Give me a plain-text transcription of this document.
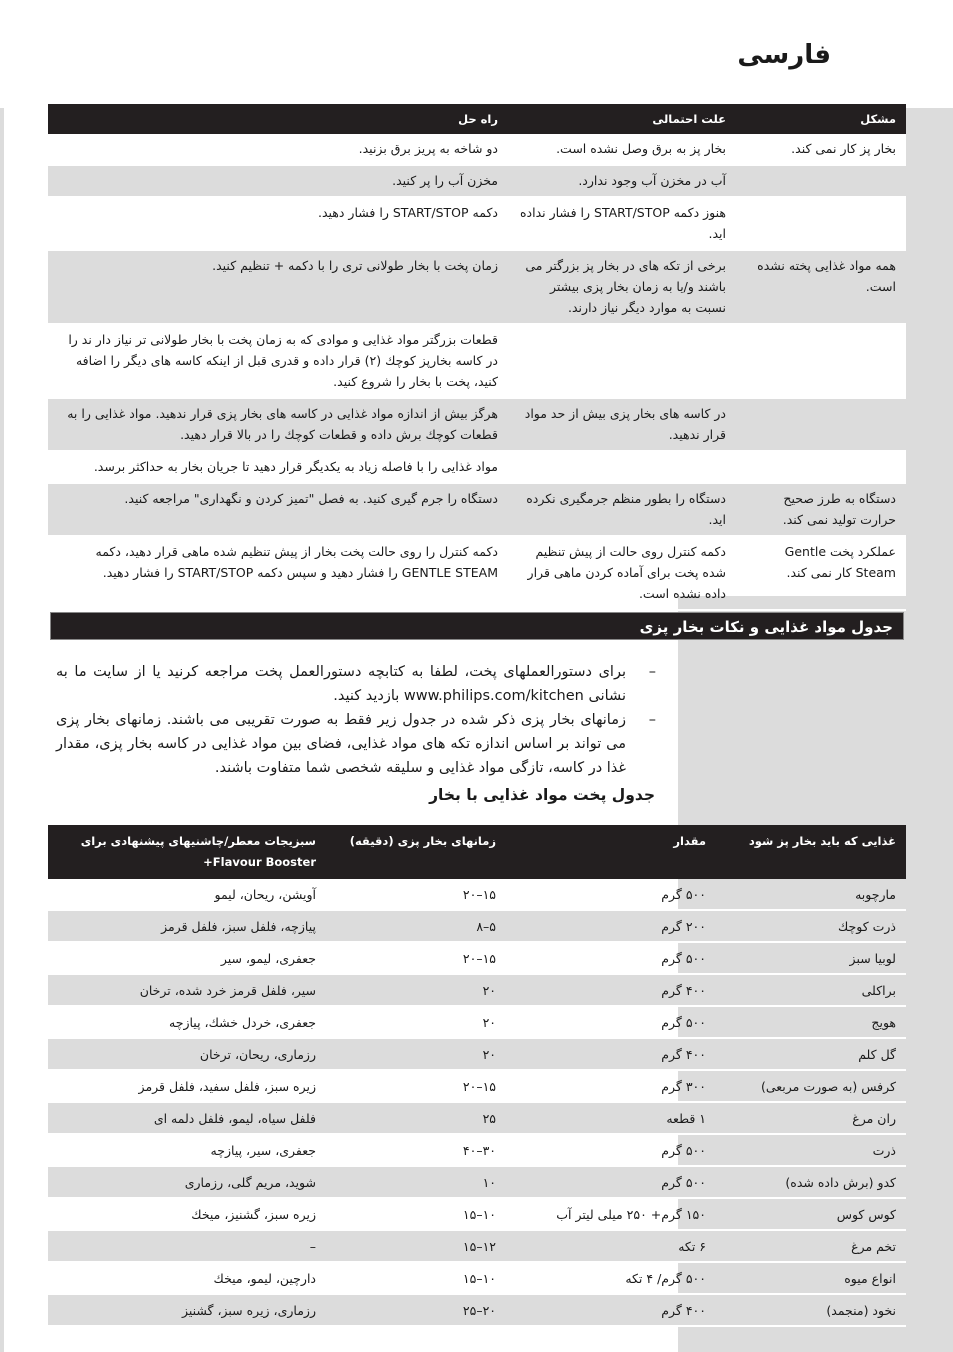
فارسی
مشکل	علت احتمالی	راه حل
بخار پز کار نمی کند.	بخار پز به برق وصل نشده است.	دو شاخه به پریز برق بزنید.
	آب در مخزن آب وجود ندارد.	مخزن آب را پر کنید.
	هنوز دکمه START/STOP را فشار نداده اید.	دکمه START/STOP را فشار دهید.
همه مواد غذایی پخته نشده است.	برخی از تکه های در بخار پز بزرگتر می باشند و/یا به زمان بخار پزی بیشتر نسبت به موارد دیگر نیاز دارند.	زمان پخت با بخار طولانی تری را با دکمه + تنظیم کنید.
		قطعات بزرگتر مواد غذایی و موادی که به زمان پخت با بخار طولانی تر نیاز دار ند را در کاسه بخارپز کوچك (۲) قرار داده و قدری قبل از اینکه کاسه های دیگر را اضافه کنید، پخت با بخار را شروع کنید.
	در کاسه های بخار پزی بیش از حد مواد قرار ندهید.	هرگز بیش از اندازه مواد غذایی در کاسه های بخار پزی قرار ندهید. مواد غذایی را به قطعات کوچك برش داده و قطعات کوچك را در بالا قرار دهید.
		مواد غذایی را با فاصله زیاد به یکدیگر قرار دهید تا جریان بخار به حداکثر برسد.
دستگاه به طرز صحیح حرارت تولید نمی کند.	دستگاه را بطور منظم جرمگیری نکرده اید.	دستگاه را جرم گیری کنید. به فصل "تمیز کردن و نگهداری" مراجعه کنید.
عملکرد پخت Gentle Steam کار نمی کند.	دکمه کنترل روی حالت از پیش تنظیم شده پخت برای آماده کردن ماهی قرار داده نشده است.	دکمه کنترل را روی حالت پخت بخار از پیش تنظیم شده ماهی قرار دهید، دکمه GENTLE STEAM را فشار دهید و سپس دکمه START/STOP را فشار دهید.
جدول مواد غذایی و نکات بخار پزی
–
برای دستورالعملهای پخت، لطفا به کتابچه دستورالعمل پخت مراجعه کرنید یا از سایت ما به نشانی www.philips.com/kitchen بازدید کنید.
–
زمانهای بخار پزی ذکر شده در جدول زیر فقط به صورت تقریبی می باشند. زمانهای بخار پزی می تواند بر اساس اندازه تکه های مواد غذایی، فضای بین مواد غذایی در کاسه بخار پزی، مقدار غذا در کاسه، تازگی مواد غذایی و سلیقه شخصی شما متفاوت باشند.
جدول پخت مواد غذایی با بخار
غذایی که باید بخار پز شود	مقدار	زمانهای بخار پزی (دقیقه)	سبزیجات معطر/چاشنیهای پیشنهادی برای Flavour Booster+
مارچوبه	۵۰۰ گرم	۱۵–۲۰	آویشن، ریحان، لیمو
ذرت کوچك	۲۰۰ گرم	۵–۸	پیازچه، فلفل سبز، فلفل قرمز
لوبیا سبز	۵۰۰ گرم	۱۵–۲۰	جعفری، لیمو، سیر
براکلی	۴۰۰ گرم	۲۰	سیر، فلفل قرمز خرد شده، ترخان
هویج	۵۰۰ گرم	۲۰	جعفری، خردل خشك، پیازچه
گل کلم	۴۰۰ گرم	۲۰	رزماری، ریحان، ترخان
کرفس (به صورت مربعی)	۳۰۰ گرم	۱۵–۲۰	زیره سبز، فلفل سفید، فلفل قرمز
ران مرغ	۱ قطعه	۲۵	فلفل سیاه، لیمو، فلفل دلمه ای
ذرت	۵۰۰ گرم	۳۰–۴۰	جعفری، سیر، پیازچه
کدو (برش داده شده)	۵۰۰ گرم	۱۰	شوید، مریم گلی، رزماری
کوس کوس	۱۵۰ گرم+ ۲۵۰ میلی لیتر آب	۱۰–۱۵	زیره سبز، گشنیز، میخك
تخم مرغ	۶ تکه	۱۲–۱۵	–
انواع میوه	۵۰۰ گرم/ ۴ تکه	۱۰–۱۵	دارچین، لیمو، میخك
نخود (منجمد)	۴۰۰ گرم	۲۰–۲۵	رزماری، زیره سبز، گشنیز
